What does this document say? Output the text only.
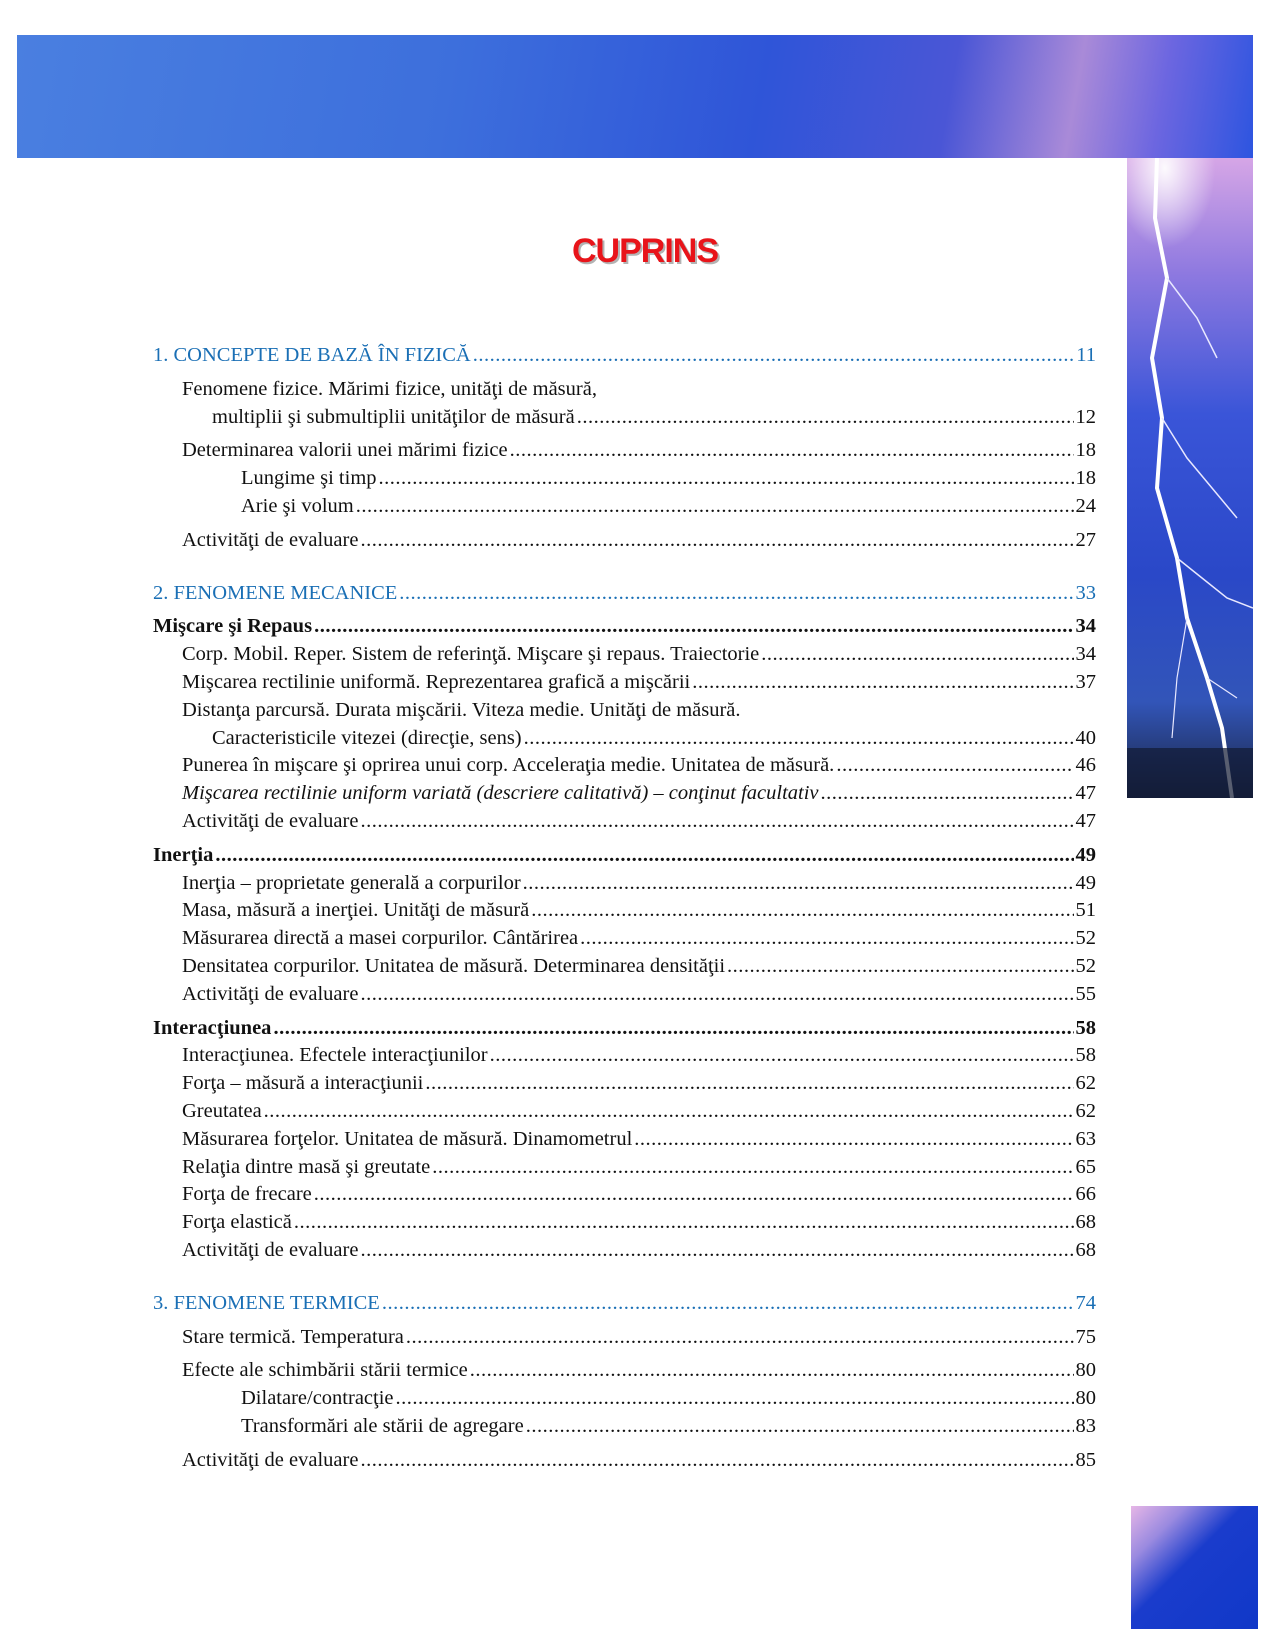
CUPRINS
1. CONCEPTE DE BAZĂ ÎN FIZICĂ .....	11
Fenomene fizice. Mărimi fizice, unităţi de măsură,
multiplii şi submultiplii unităţilor de măsură .....	12
Determinarea valorii unei mărimi fizice .....	18
Lungime şi timp .....	18
Arie şi volum .....	24
Activităţi de evaluare .....	27
2. FENOMENE MECANICE .....	33
Mişcare şi Repaus .....	34
Corp. Mobil. Reper. Sistem de referinţă. Mişcare şi repaus. Traiectorie .....	34
Mişcarea rectilinie uniformă. Reprezentarea grafică a mişcării .....	37
Distanţa parcursă. Durata mişcării. Viteza medie. Unităţi de măsură.
Caracteristicile vitezei (direcţie, sens) .....	40
Punerea în mişcare şi oprirea unui corp. Acceleraţia medie. Unitatea de măsură. .....	46
Mişcarea rectilinie uniform variată (descriere calitativă) – conţinut facultativ .....	47
Activităţi de evaluare .....	47
Inerţia .....	49
Inerţia – proprietate generală a corpurilor .....	49
Masa, măsură a inerţiei. Unităţi de măsură .....	51
Măsurarea directă a masei corpurilor. Cântărirea .....	52
Densitatea corpurilor. Unitatea de măsură. Determinarea densităţii .....	52
Activităţi de evaluare .....	55
Interacţiunea .....	58
Interacţiunea. Efectele interacţiunilor .....	58
Forţa – măsură a interacţiunii .....	62
Greutatea .....	62
Măsurarea forţelor. Unitatea de măsură. Dinamometrul .....	63
Relaţia dintre masă şi greutate .....	65
Forţa de frecare .....	66
Forţa elastică .....	68
Activităţi de evaluare .....	68
3. FENOMENE TERMICE .....	74
Stare termică. Temperatura .....	75
Efecte ale schimbării stării termice .....	80
Dilatare/contracţie .....	80
Transformări ale stării de agregare .....	83
Activităţi de evaluare .....	85
